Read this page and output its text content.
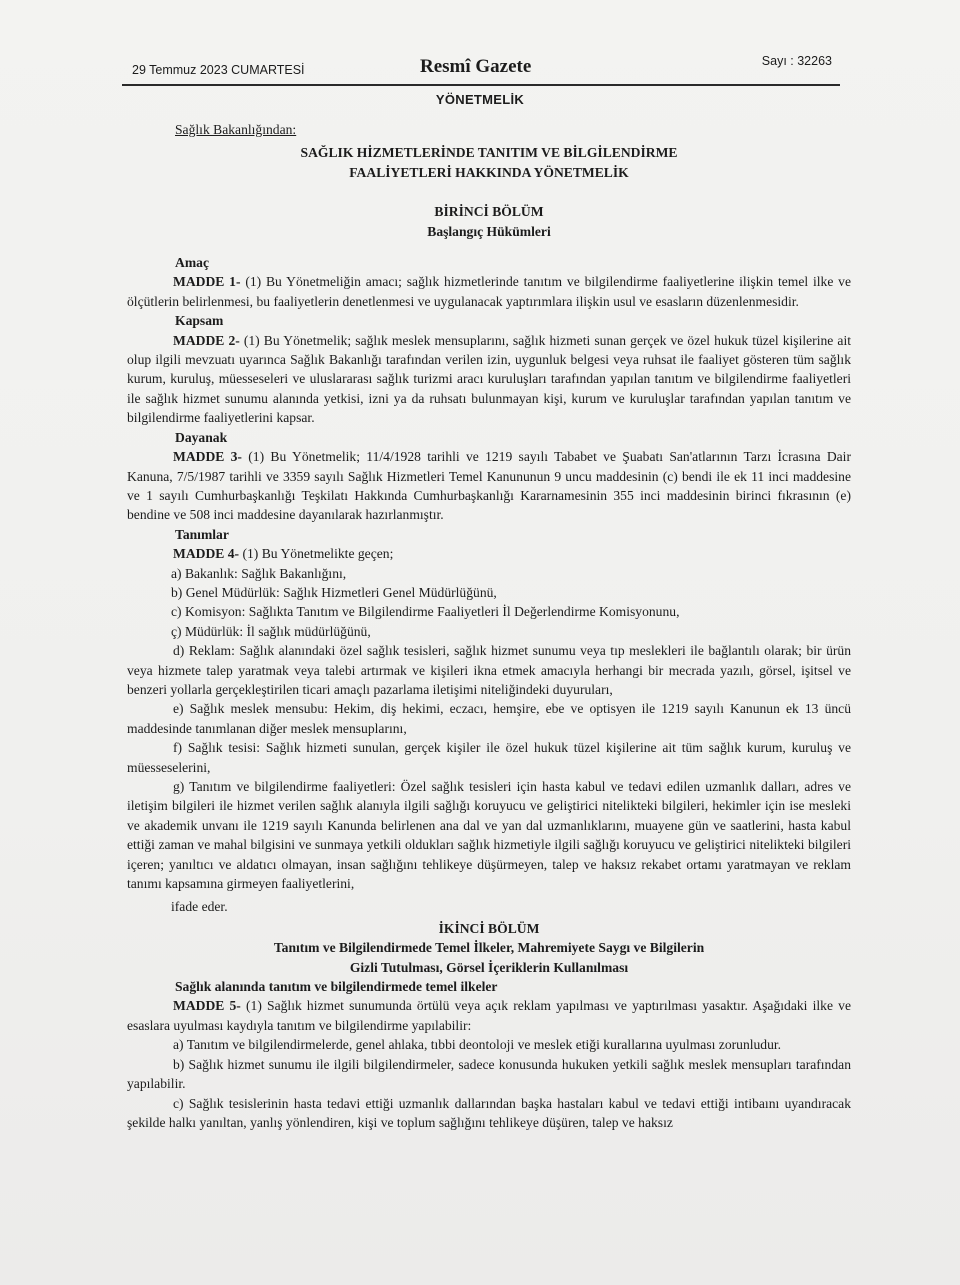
29 Temmuz 2023 CUMARTESİ	Resmî Gazete	Sayı : 32263
YÖNETMELİK

Sağlık Bakanlığından:

SAĞLIK HİZMETLERİNDE TANITIM VE BİLGİLENDİRME

FAALİYETLERİ HAKKINDA YÖNETMELİK

BİRİNCİ BÖLÜM

Başlangıç Hükümleri

Amaç

MADDE 1- (1) Bu Yönetmeliğin amacı; sağlık hizmetlerinde tanıtım ve bilgilendirme faaliyetlerine ilişkin temel ilke ve ölçütlerin belirlenmesi, bu faaliyetlerin denetlenmesi ve uygulanacak yaptırımlara ilişkin usul ve esasların düzenlenmesidir.

Kapsam

MADDE 2- (1) Bu Yönetmelik; sağlık meslek mensuplarını, sağlık hizmeti sunan gerçek ve özel hukuk tüzel kişilerine ait olup ilgili mevzuatı uyarınca Sağlık Bakanlığı tarafından verilen izin, uygunluk belgesi veya ruhsat ile faaliyet gösteren tüm sağlık kurum, kuruluş, müesseseleri ve uluslararası sağlık turizmi aracı kuruluşları tarafından yapılan tanıtım ve bilgilendirme faaliyetleri ile sağlık hizmet sunumu alanında yetkisi, izni ya da ruhsatı bulunmayan kişi, kurum ve kuruluşlar tarafından yapılan tanıtım ve bilgilendirme faaliyetlerini kapsar.

Dayanak

MADDE 3- (1) Bu Yönetmelik; 11/4/1928 tarihli ve 1219 sayılı Tababet ve Şuabatı San'atlarının Tarzı İcrasına Dair Kanuna, 7/5/1987 tarihli ve 3359 sayılı Sağlık Hizmetleri Temel Kanununun 9 uncu maddesinin (c) bendi ile ek 11 inci maddesine ve 1 sayılı Cumhurbaşkanlığı Teşkilatı Hakkında Cumhurbaşkanlığı Kararnamesinin 355 inci maddesinin birinci fıkrasının (e) bendine ve 508 inci maddesine dayanılarak hazırlanmıştır.

Tanımlar

MADDE 4- (1) Bu Yönetmelikte geçen;

a) Bakanlık: Sağlık Bakanlığını,

b) Genel Müdürlük: Sağlık Hizmetleri Genel Müdürlüğünü,

c) Komisyon: Sağlıkta Tanıtım ve Bilgilendirme Faaliyetleri İl Değerlendirme Komisyonunu,

ç) Müdürlük: İl sağlık müdürlüğünü,

d) Reklam: Sağlık alanındaki özel sağlık tesisleri, sağlık hizmet sunumu veya tıp meslekleri ile bağlantılı olarak; bir ürün veya hizmete talep yaratmak veya talebi artırmak ve kişileri ikna etmek amacıyla herhangi bir mecrada yazılı, görsel, işitsel ve benzeri yollarla gerçekleştirilen ticari amaçlı pazarlama iletişimi niteliğindeki duyuruları,

e) Sağlık meslek mensubu: Hekim, diş hekimi, eczacı, hemşire, ebe ve optisyen ile 1219 sayılı Kanunun ek 13 üncü maddesinde tanımlanan diğer meslek mensuplarını,

f) Sağlık tesisi: Sağlık hizmeti sunulan, gerçek kişiler ile özel hukuk tüzel kişilerine ait tüm sağlık kurum, kuruluş ve müesseselerini,

g) Tanıtım ve bilgilendirme faaliyetleri: Özel sağlık tesisleri için hasta kabul ve tedavi edilen uzmanlık dalları, adres ve iletişim bilgileri ile hizmet verilen sağlık alanıyla ilgili sağlığı koruyucu ve geliştirici nitelikteki bilgileri, hekimler için ise mesleki ve akademik unvanı ile 1219 sayılı Kanunda belirlenen ana dal ve yan dal uzmanlıklarını, muayene gün ve saatlerini, hasta kabul ettiği zaman ve mahal bilgisini ve sunmaya yetkili oldukları sağlık hizmetiyle ilgili sağlığı koruyucu ve geliştirici nitelikteki bilgileri içeren; yanıltıcı ve aldatıcı olmayan, insan sağlığını tehlikeye düşürmeyen, talep ve haksız rekabet ortamı yaratmayan ve reklam tanımı kapsamına girmeyen faaliyetlerini,

ifade eder.

İKİNCİ BÖLÜM

Tanıtım ve Bilgilendirmede Temel İlkeler, Mahremiyete Saygı ve Bilgilerin

Gizli Tutulması, Görsel İçeriklerin Kullanılması

Sağlık alanında tanıtım ve bilgilendirmede temel ilkeler

MADDE 5- (1) Sağlık hizmet sunumunda örtülü veya açık reklam yapılması ve yaptırılması yasaktır. Aşağıdaki ilke ve esaslara uyulması kaydıyla tanıtım ve bilgilendirme yapılabilir:

a) Tanıtım ve bilgilendirmelerde, genel ahlaka, tıbbi deontoloji ve meslek etiği kurallarına uyulması zorunludur.

b) Sağlık hizmet sunumu ile ilgili bilgilendirmeler, sadece konusunda hukuken yetkili sağlık meslek mensupları tarafından yapılabilir.

c) Sağlık tesislerinin hasta tedavi ettiği uzmanlık dallarından başka hastaları kabul ve tedavi ettiği intibaını uyandıracak şekilde halkı yanıltan, yanlış yönlendiren, kişi ve toplum sağlığını tehlikeye düşüren, talep ve haksız
